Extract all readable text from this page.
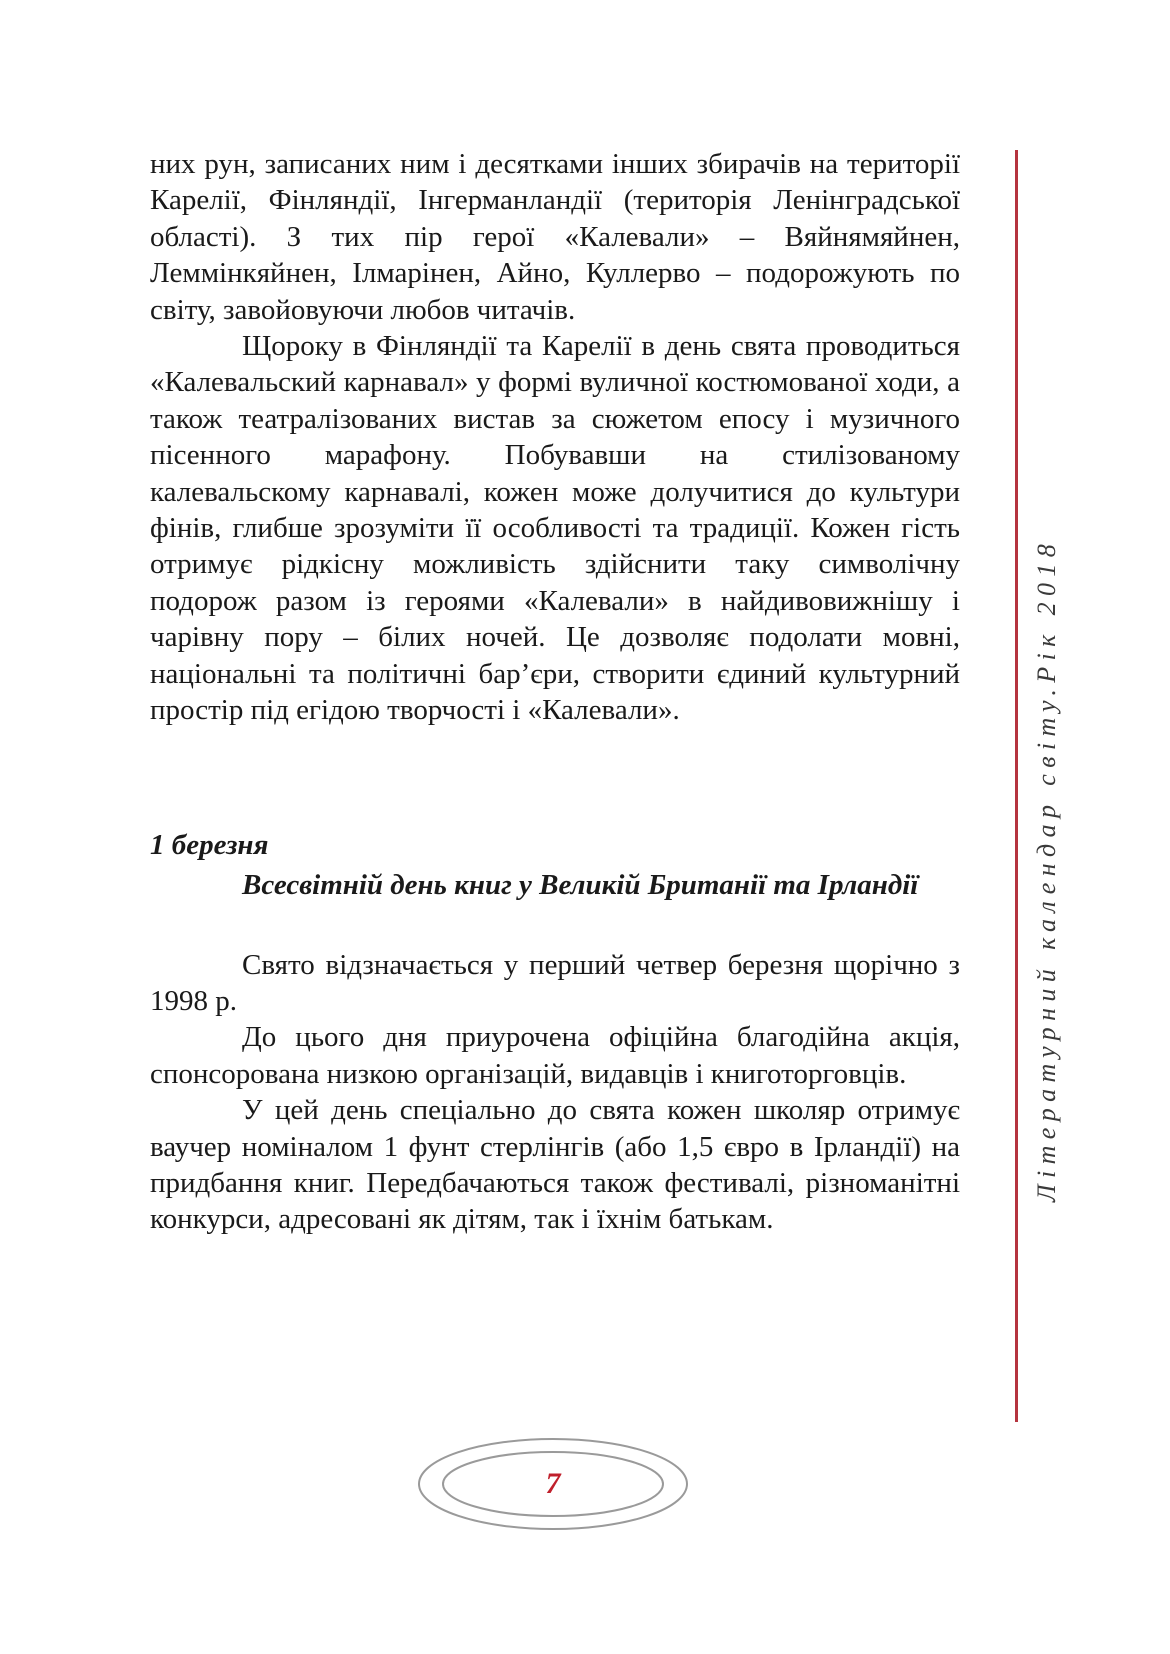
них рун, записаних ним і десятками інших збирачів на території Карелії, Фінляндії, Інгерманландії (територія Ленінградської області). З тих пір герої «Калевали» – Вяйнямяйнен, Леммінкяйнен, Ілмарінен, Айно, Куллерво – подорожують по світу, завойовуючи любов читачів.

Щороку в Фінляндії та Карелії в день свята проводиться «Калевальский карнавал» у формі вуличної костюмованої ходи, а також театралізованих вистав за сюжетом епосу і музичного пісенного марафону. Побувавши на стилізованому калевальскому карнавалі, кожен може долучитися до культури фінів, глибше зрозуміти її особливості та традиції. Кожен гість отримує рідкісну можливість здійснити таку символічну подорож разом із героями «Калевали» в найдивовижнішу і чарівну пору – білих ночей. Це дозволяє подолати мовні, національні та політичні бар’єри, створити єдиний культурний простір під егідою творчості і «Калевали».

1 березня
Всесвітній день книг у Великій Британії та Ірландії

Свято відзначається у перший четвер березня щорічно з 1998 р.

До цього дня приурочена офіційна благодійна акція, спонсорована низкою організацій, видавців і книготорговців.

У цей день спеціально до свята кожен школяр отримує ваучер номіналом 1 фунт стерлінгів (або 1,5 євро в Ірландії) на придбання книг. Передбачаються також фестивалі, різноманітні конкурси, адресовані як дітям, так і їхнім батькам.

Літературний календар світу.Рік 2018
7
